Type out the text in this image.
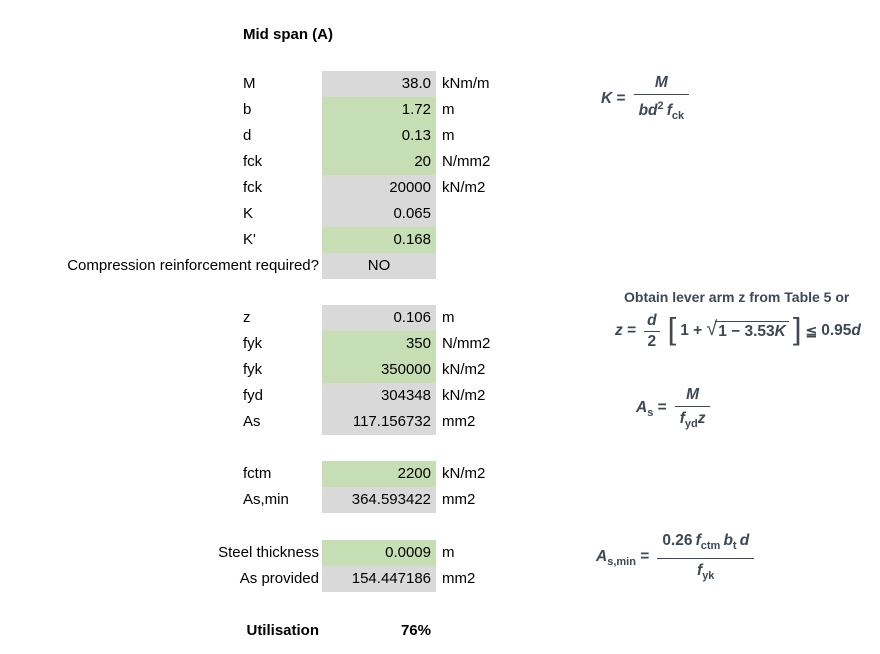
Mid span (A)
M	38.0 kNm/m
b	1.72 m
d	0.13 m
fck	20 N/mm2
fck	20000 kN/m2
K	0.065
K'	0.168
Compression reinforcement required?	NO
z	0.106 m
fyk	350 N/mm2
fyk	350000 kN/m2
fyd	304348 kN/m2
As	117.156732 mm2
fctm	2200 kN/m2
As,min	364.593422 mm2
Steel thickness	0.0009 m
As provided	154.447186 mm2
Utilisation	76%
$K = \frac{M}{bd^2 f_{ck}}$
Obtain lever arm z from Table 5 or
$z = \frac{d}{2}$ [ 1 + √ 1 − 3.53K ] ≦ 0.95d
$A_s = \frac{M}{f_{yd}z}$
$A_{s,min} = \frac{0.26 f_{ctm} b_t d}{f_{yk}}$
